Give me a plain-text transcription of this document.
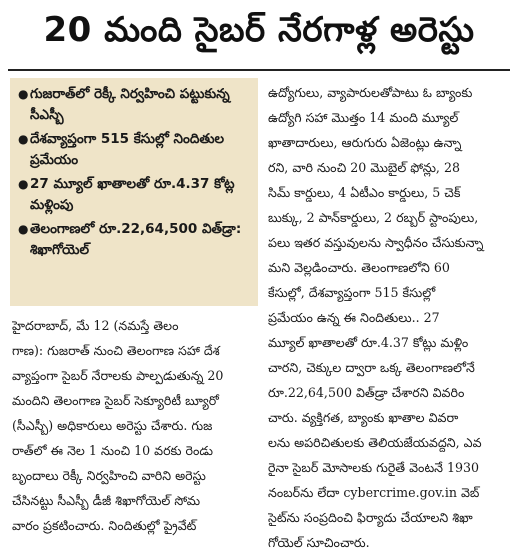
20 మంది సైబర్ నేరగాళ్ల అరెస్టు
● గుజరాత్‌లో రెక్కీ నిర్వహించి పట్టుకున్న సీఎస్బీ
● దేశవ్యాప్తంగా 515 కేసుల్లో నిందితుల ప్రమేయం
● 27 మ్యూల్ ఖాతాలతో రూ.4.37 కోట్ల మళ్లింపు
● తెలంగాణలో రూ.22,64,500 విత్‌డ్రా: శిఖాగోయెల్
హైదరాబాద్, మే 12 (నమస్తే తెలం
గాణ): గుజరాత్ నుంచి తెలంగాణ సహా దేశ
వ్యాప్తంగా సైబర్ నేరాలకు పాల్పడుతున్న 20
మందిని తెలంగాణ సైబర్ సెక్యూరిటీ బ్యూరో
(సీఎస్బీ) అధికారులు అరెస్టు చేశారు. గుజ
రాత్‌లో ఈ నెల 1 నుంచి 10 వరకు రెండు
బృందాలు రెక్కీ నిర్వహించి వారిని అరెస్టు
చేసినట్టు సీఎస్బీ డీజీ శిఖాగోయెల్ సోమ
వారం ప్రకటించారు. నిందితుల్లో ప్రైవేట్
ఉద్యోగులు, వ్యాపారులతోపాటు ఓ బ్యాంకు
ఉద్యోగి సహా మొత్తం 14 మంది మ్యూల్
ఖాతాదారులు, ఆరుగురు ఏజెంట్లు ఉన్నా
రని, వారి నుంచి 20 మొబైల్ ఫోన్లు, 28
సిమ్ కార్డులు, 4 ఏటీఎం కార్డులు, 5 చెక్
బుక్కు, 2 పాన్‌కార్డులు, 2 రబ్బర్ స్టాంపులు,
పలు ఇతర వస్తువులను స్వాధీనం చేసుకున్నా
మని వెల్లడించారు. తెలంగాణలోని 60
కేసుల్లో, దేశవ్యాప్తంగా 515 కేసుల్లో
ప్రమేయం ఉన్న ఈ నిందితులు.. 27
మ్యూల్ ఖాతాలతో రూ.4.37 కోట్లు మళ్లిం
చారని, చెక్కుల ద్వారా ఒక్క తెలంగాణలోనే
రూ.22,64,500 విత్‌డ్రా చేశారని వివరిం
చారు. వ్యక్తిగత, బ్యాంకు ఖాతాల వివరా
లను అపరిచితులకు తెలియజేయవద్దని, ఎవ
రైనా సైబర్ మోసాలకు గురైతే వెంటనే 1930
నంబర్‌ను లేదా cybercrime.gov.in వెబ్
సైట్‌ను సంప్రదించి ఫిర్యాదు చేయాలని శిఖా
గోయెల్ సూచించారు.
